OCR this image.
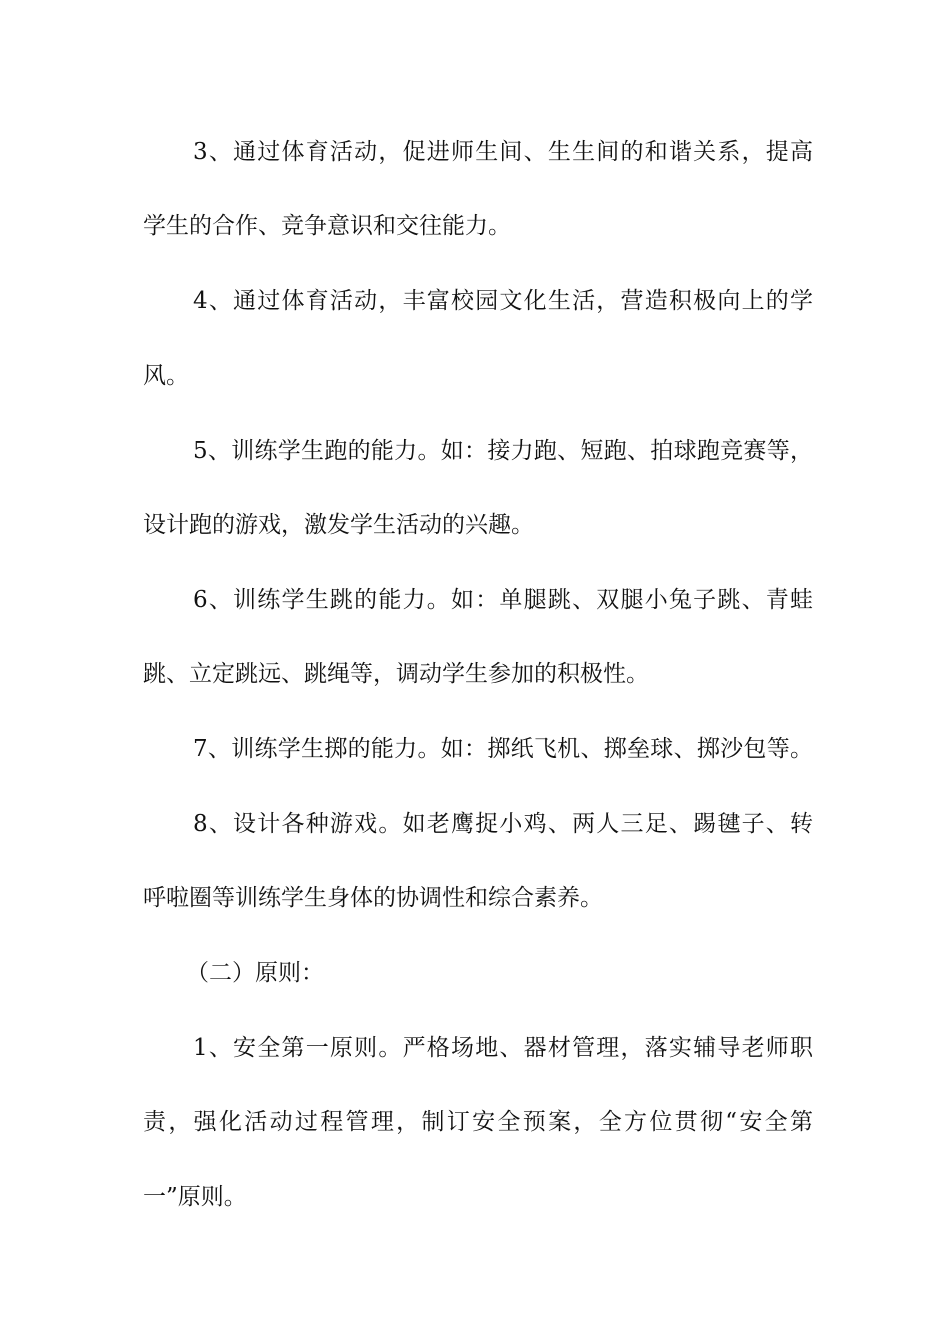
3、通过体育活动，促进师生间、生生间的和谐关系，提高
学生的合作、竞争意识和交往能力。
4、通过体育活动，丰富校园文化生活，营造积极向上的学
风。
5、训练学生跑的能力。如：接力跑、短跑、拍球跑竞赛等，
设计跑的游戏，激发学生活动的兴趣。
6、训练学生跳的能力。如：单腿跳、双腿小兔子跳、青蛙
跳、立定跳远、跳绳等，调动学生参加的积极性。
7、训练学生掷的能力。如：掷纸飞机、掷垒球、掷沙包等。
8、设计各种游戏。如老鹰捉小鸡、两人三足、踢毽子、转
呼啦圈等训练学生身体的协调性和综合素养。
（二）原则：
1、安全第一原则。严格场地、器材管理，落实辅导老师职
责，强化活动过程管理，制订安全预案，全方位贯彻“安全第
一”原则。
